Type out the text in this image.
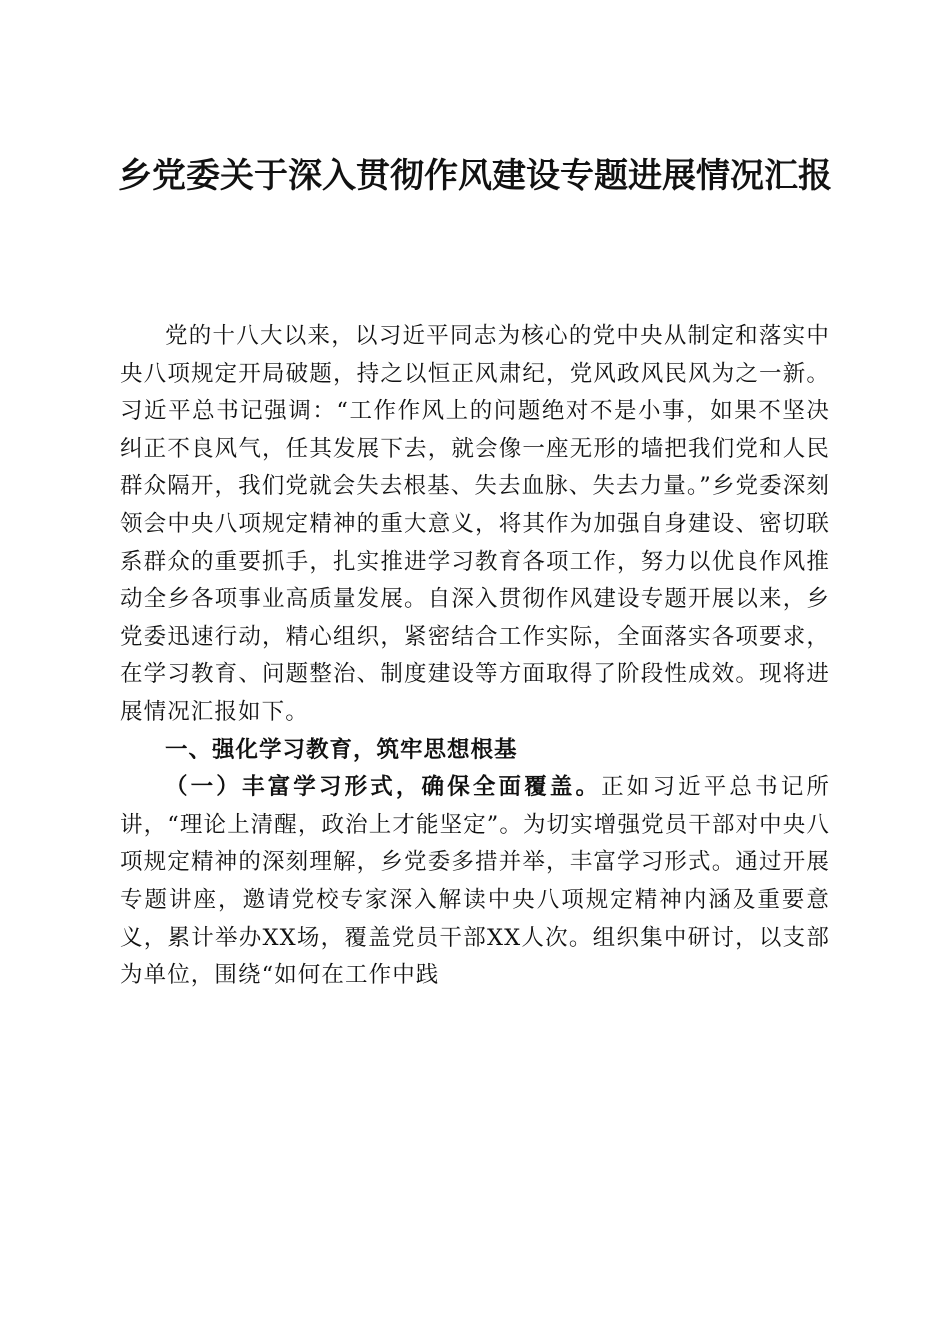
乡党委关于深入贯彻作风建设专题进展情况汇报

党的十八大以来，以习近平同志为核心的党中央从制定和落实中央八项规定开局破题，持之以恒正风肃纪，党风政风民风为之一新。习近平总书记强调：“工作作风上的问题绝对不是小事，如果不坚决纠正不良风气，任其发展下去，就会像一座无形的墙把我们党和人民群众隔开，我们党就会失去根基、失去血脉、失去力量。”乡党委深刻领会中央八项规定精神的重大意义，将其作为加强自身建设、密切联系群众的重要抓手，扎实推进学习教育各项工作，努力以优良作风推动全乡各项事业高质量发展。自深入贯彻作风建设专题开展以来，乡党委迅速行动，精心组织，紧密结合工作实际，全面落实各项要求，在学习教育、问题整治、制度建设等方面取得了阶段性成效。现将进展情况汇报如下。

一、强化学习教育，筑牢思想根基

（一）丰富学习形式，确保全面覆盖。正如习近平总书记所讲，“理论上清醒，政治上才能坚定”。为切实增强党员干部对中央八项规定精神的深刻理解，乡党委多措并举，丰富学习形式。通过开展专题讲座，邀请党校专家深入解读中央八项规定精神内涵及重要意义，累计举办XX场，覆盖党员干部XX人次。组织集中研讨，以支部为单位，围绕“如何在工作中践
